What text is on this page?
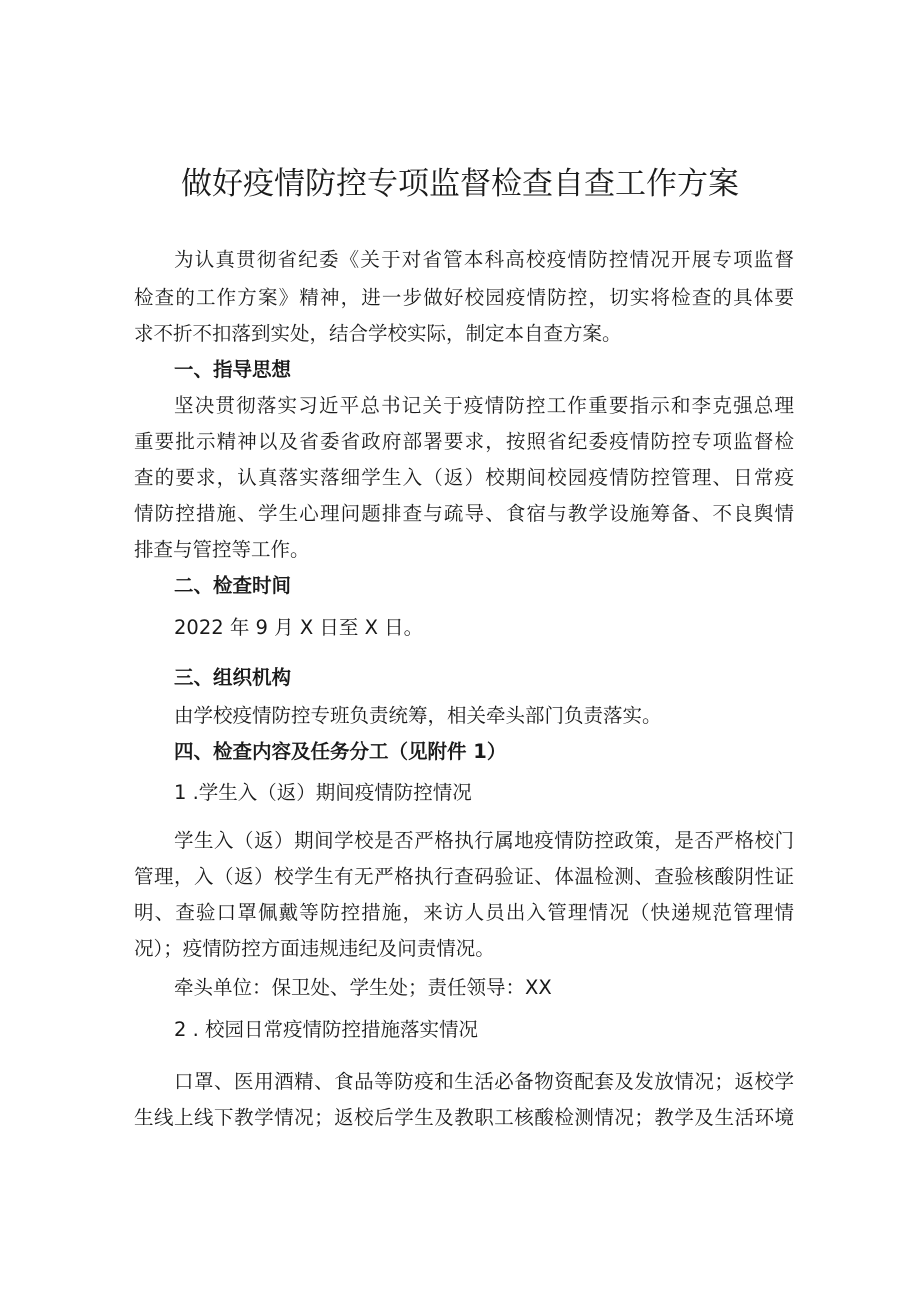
做好疫情防控专项监督检查自查工作方案

为认真贯彻省纪委《关于对省管本科高校疫情防控情况开展专项监督

检查的工作方案》精神，进一步做好校园疫情防控，切实将检查的具体要

求不折不扣落到实处，结合学校实际，制定本自查方案。

一、指导思想

坚决贯彻落实习近平总书记关于疫情防控工作重要指示和李克强总理

重要批示精神以及省委省政府部署要求，按照省纪委疫情防控专项监督检

查的要求，认真落实落细学生入（返）校期间校园疫情防控管理、日常疫

情防控措施、学生心理问题排查与疏导、食宿与教学设施筹备、不良舆情

排查与管控等工作。

二、检查时间

2022 年 9 月 X 日至 X 日。

三、组织机构

由学校疫情防控专班负责统筹，相关牵头部门负责落实。

四、检查内容及任务分工（见附件 1）

1 .学生入（返）期间疫情防控情况

学生入（返）期间学校是否严格执行属地疫情防控政策，是否严格校门

管理，入（返）校学生有无严格执行查码验证、体温检测、查验核酸阴性证

明、查验口罩佩戴等防控措施，来访人员出入管理情况（快递规范管理情

况）；疫情防控方面违规违纪及问责情况。

牵头单位：保卫处、学生处；责任领导：XX

2 . 校园日常疫情防控措施落实情况

口罩、医用酒精、食品等防疫和生活必备物资配套及发放情况；返校学

生线上线下教学情况；返校后学生及教职工核酸检测情况；教学及生活环境
